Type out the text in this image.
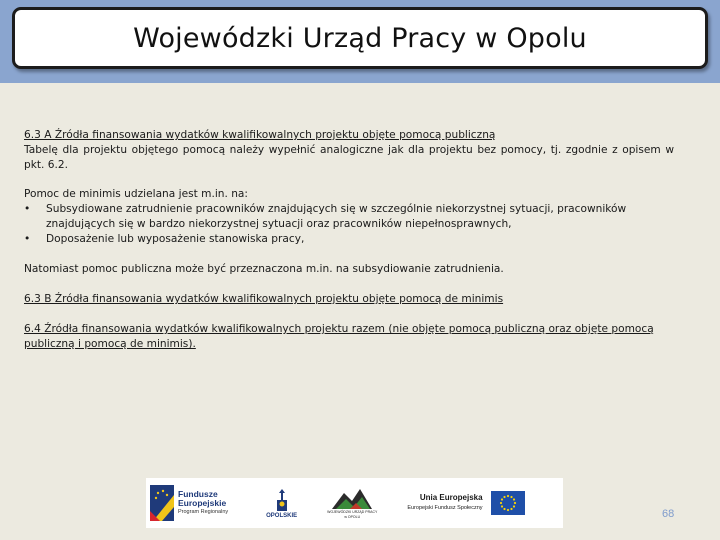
Wojewódzki Urząd Pracy w Opolu

6.3 A Źródła finansowania wydatków kwalifikowalnych projektu objęte pomocą publiczną

Tabelę dla projektu objętego pomocą należy wypełnić analogiczne jak dla projektu bez pomocy, tj. zgodnie z opisem w pkt. 6.2.

Pomoc de minimis udzielana jest m.in. na:

•	Subsydiowane zatrudnienie pracowników znajdujących się w szczególnie niekorzystnej sytuacji, pracowników znajdujących się w bardzo niekorzystnej sytuacji oraz pracowników niepełnosprawnych,
•	Doposażenie lub wyposażenie stanowiska pracy,

Natomiast pomoc publiczna może być przeznaczona m.in. na subsydiowanie zatrudnienia.

6.3 B Źródła finansowania wydatków kwalifikowalnych projektu objęte pomocą de minimis

6.4 Źródła finansowania wydatków kwalifikowalnych projektu razem (nie objęte pomocą publiczną oraz objęte pomocą publiczną i pomocą de minimis).

Fundusze
Europejskie
Program Regionalny
OPOLSKIE
WOJEWÓDZKI URZĄD PRACY
w OPOLU
Unia Europejska
Europejski Fundusz Społeczny	68
